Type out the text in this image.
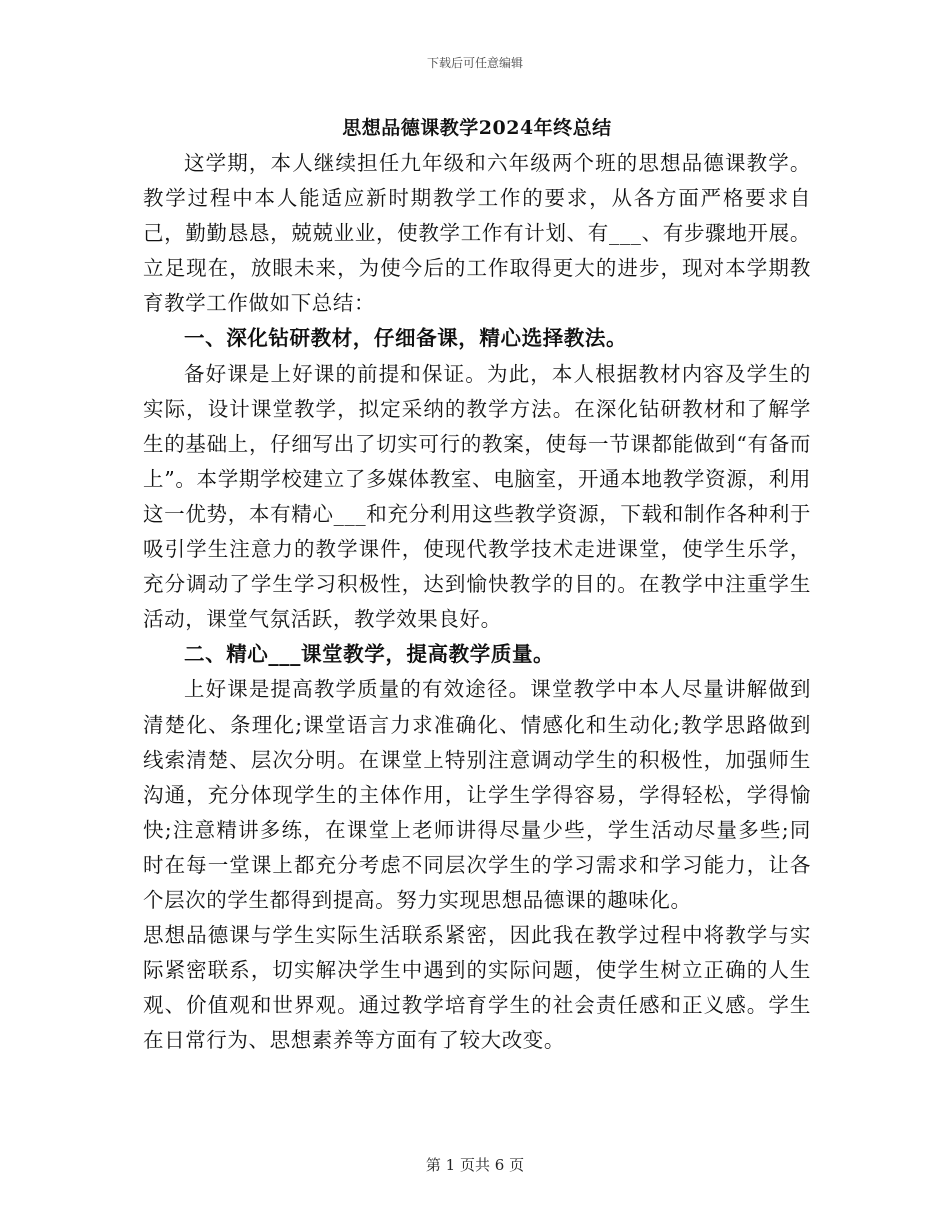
下载后可任意编辑
思想品德课教学2024年终总结

这学期，本人继续担任九年级和六年级两个班的思想品德课教学。教学过程中本人能适应新时期教学工作的要求，从各方面严格要求自己，勤勤恳恳，兢兢业业，使教学工作有计划、有___、有步骤地开展。立足现在，放眼未来，为使今后的工作取得更大的进步，现对本学期教育教学工作做如下总结：

一、深化钻研教材，仔细备课，精心选择教法。

备好课是上好课的前提和保证。为此，本人根据教材内容及学生的实际，设计课堂教学，拟定采纳的教学方法。在深化钻研教材和了解学生的基础上，仔细写出了切实可行的教案，使每一节课都能做到“有备而上”。本学期学校建立了多媒体教室、电脑室，开通本地教学资源，利用这一优势，本有精心___和充分利用这些教学资源，下载和制作各种利于吸引学生注意力的教学课件，使现代教学技术走进课堂，使学生乐学，充分调动了学生学习积极性，达到愉快教学的目的。在教学中注重学生活动，课堂气氛活跃，教学效果良好。

二、精心___课堂教学，提高教学质量。

上好课是提高教学质量的有效途径。课堂教学中本人尽量讲解做到清楚化、条理化;课堂语言力求准确化、情感化和生动化;教学思路做到线索清楚、层次分明。在课堂上特别注意调动学生的积极性，加强师生沟通，充分体现学生的主体作用，让学生学得容易，学得轻松，学得愉快;注意精讲多练，在课堂上老师讲得尽量少些，学生活动尽量多些;同时在每一堂课上都充分考虑不同层次学生的学习需求和学习能力，让各个层次的学生都得到提高。努力实现思想品德课的趣味化。

思想品德课与学生实际生活联系紧密，因此我在教学过程中将教学与实际紧密联系，切实解决学生中遇到的实际问题，使学生树立正确的人生观、价值观和世界观。通过教学培育学生的社会责任感和正义感。学生在日常行为、思想素养等方面有了较大改变。

第 1 页共 6 页
